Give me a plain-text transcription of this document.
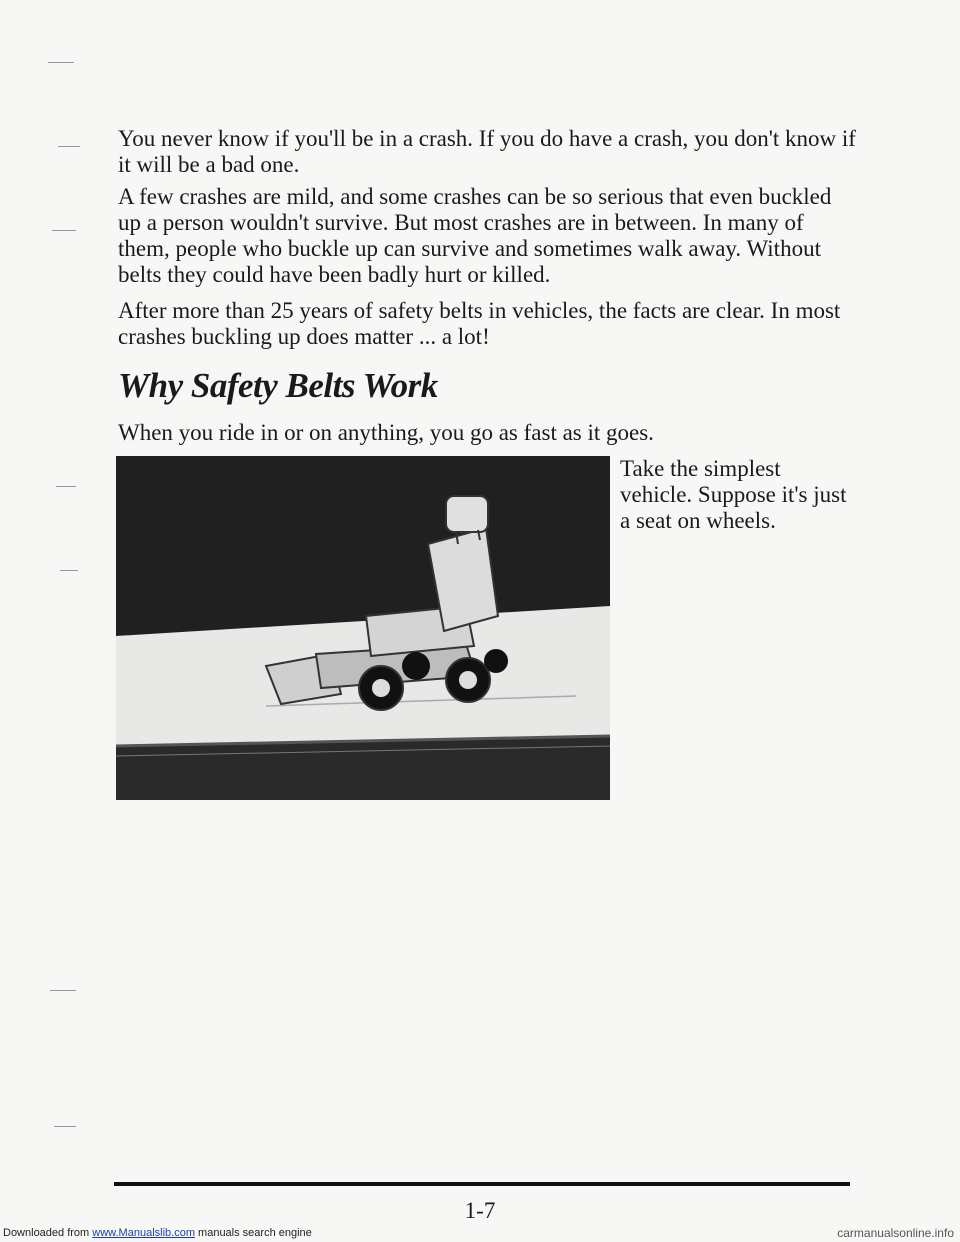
You never know if you'll be in a crash. If you do have a crash, you don't know if it will be a bad one.

A few crashes are mild, and some crashes can be so serious that even buckled up a person wouldn't survive. But most crashes are in between. In many of them, people who buckle up can survive and sometimes walk away. Without belts they could have been badly hurt or killed.

After more than 25 years of safety belts in vehicles, the facts are clear. In most crashes buckling up does matter ... a lot!

Why Safety Belts Work

When you ride in or on anything, you go as fast as it goes.

Take the simplest vehicle. Suppose it's just a seat on wheels.

1-7
Downloaded from www.Manualslib.com manuals search engine	carmanualsonline.info
